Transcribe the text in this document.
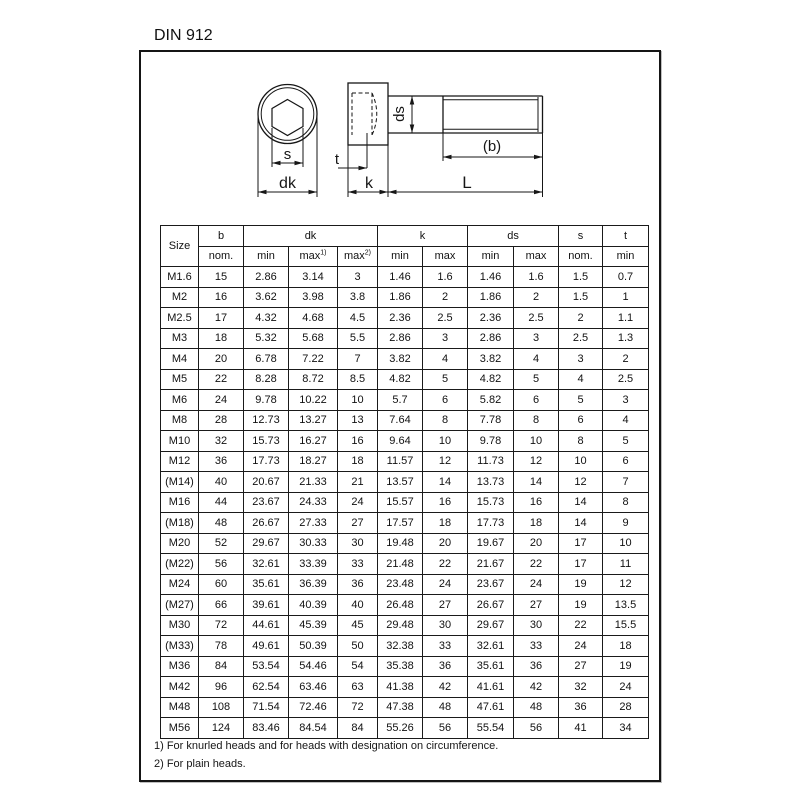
DIN 912
s
dk
t
k
ds
(b)
L
Size	b	dk			k		ds		s	t
	nom.	min	$\max^{1)}$	$\max^{2)}$	min	max	min	max	nom.	min
M1.6	15	2.86	3.14	3	1.46	1.6	1.46	1.6	1.5	0.7
M2	16	3.62	3.98	3.8	1.86	2	1.86	2	1.5	1
M2.5	17	4.32	4.68	4.5	2.36	2.5	2.36	2.5	2	1.1
M3	18	5.32	5.68	5.5	2.86	3	2.86	3	2.5	1.3
M4	20	6.78	7.22	7	3.82	4	3.82	4	3	2
M5	22	8.28	8.72	8.5	4.82	5	4.82	5	4	2.5
M6	24	9.78	10.22	10	5.7	6	5.82	6	5	3
M8	28	12.73	13.27	13	7.64	8	7.78	8	6	4
M10	32	15.73	16.27	16	9.64	10	9.78	10	8	5
M12	36	17.73	18.27	18	11.57	12	11.73	12	10	6
(M14)	40	20.67	21.33	21	13.57	14	13.73	14	12	7
M16	44	23.67	24.33	24	15.57	16	15.73	16	14	8
(M18)	48	26.67	27.33	27	17.57	18	17.73	18	14	9
M20	52	29.67	30.33	30	19.48	20	19.67	20	17	10
(M22)	56	32.61	33.39	33	21.48	22	21.67	22	17	11
M24	60	35.61	36.39	36	23.48	24	23.67	24	19	12
(M27)	66	39.61	40.39	40	26.48	27	26.67	27	19	13.5
M30	72	44.61	45.39	45	29.48	30	29.67	30	22	15.5
(M33)	78	49.61	50.39	50	32.38	33	32.61	33	24	18
M36	84	53.54	54.46	54	35.38	36	35.61	36	27	19
M42	96	62.54	63.46	63	41.38	42	41.61	42	32	24
M48	108	71.54	72.46	72	47.38	48	47.61	48	36	28
M56	124	83.46	84.54	84	55.26	56	55.54	56	41	34
1) For knurled heads and for heads with designation on circumference.
2) For plain heads.
